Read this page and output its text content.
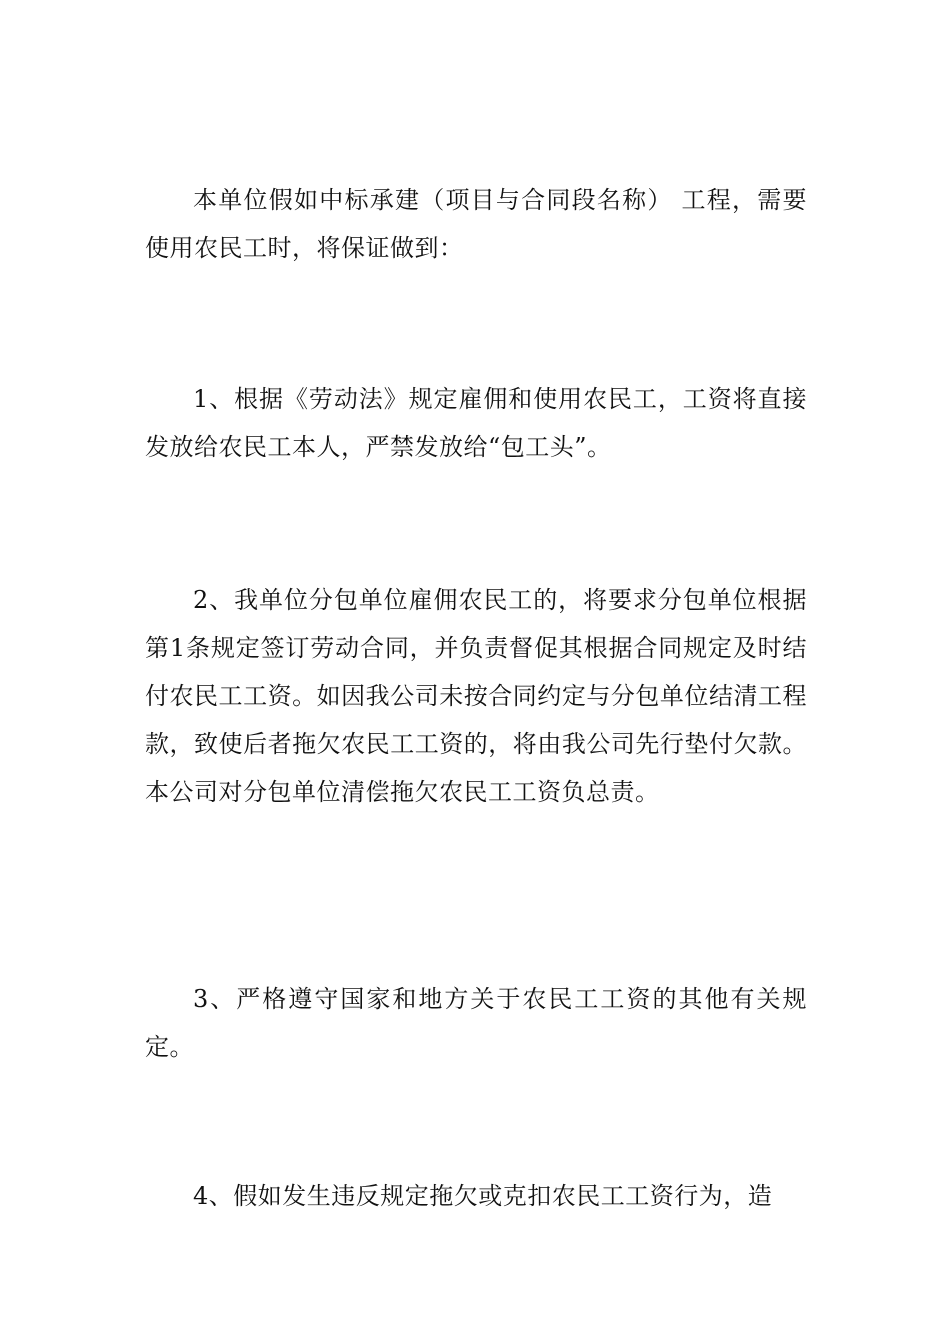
本单位假如中标承建（项目与合同段名称） 工程，需要使用农民工时，将保证做到：

1、根据《劳动法》规定雇佣和使用农民工，工资将直接发放给农民工本人，严禁发放给“包工头”。

2、我单位分包单位雇佣农民工的，将要求分包单位根据第1条规定签订劳动合同，并负责督促其根据合同规定及时结付农民工工资。如因我公司未按合同约定与分包单位结清工程款，致使后者拖欠农民工工资的，将由我公司先行垫付欠款。本公司对分包单位清偿拖欠农民工工资负总责。

3、严格遵守国家和地方关于农民工工资的其他有关规定。

4、假如发生违反规定拖欠或克扣农民工工资行为，造
